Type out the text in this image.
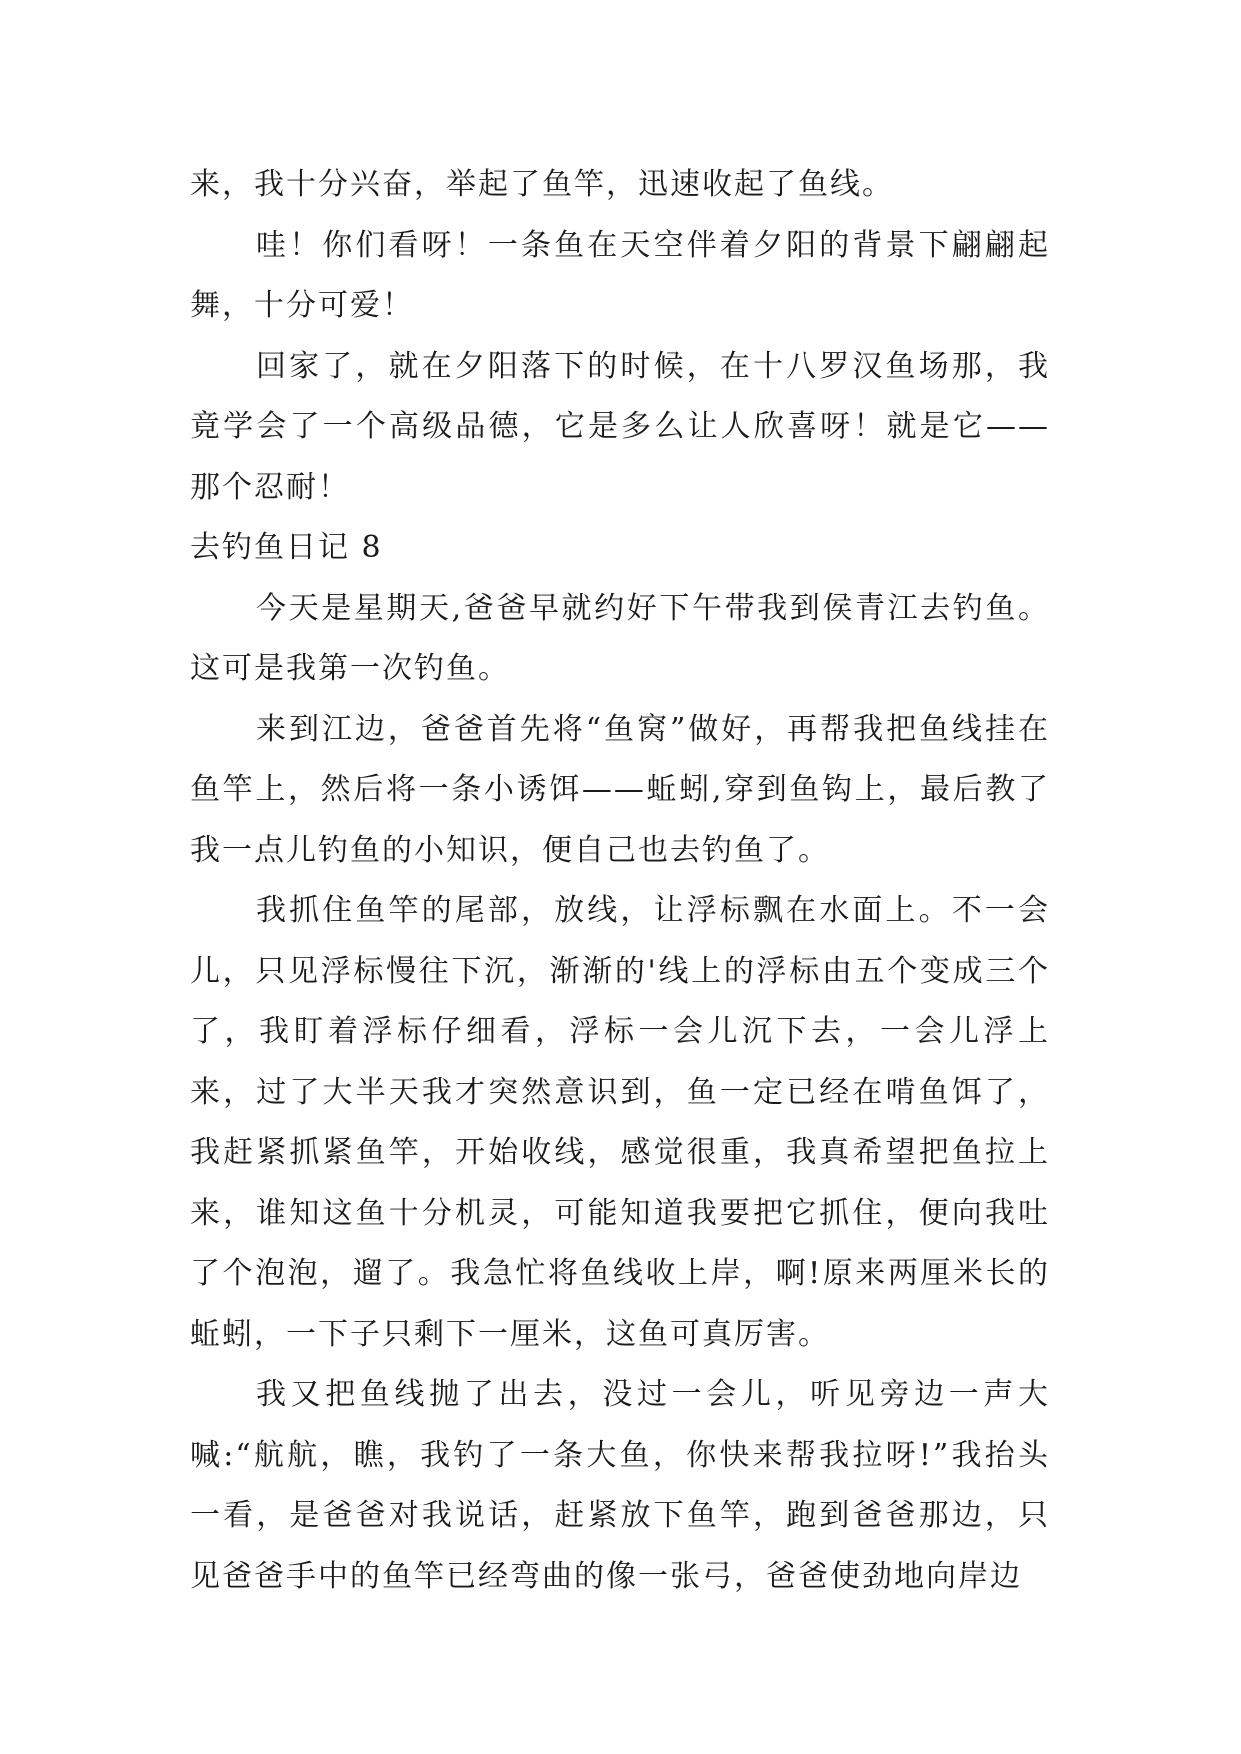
来，我十分兴奋，举起了鱼竿，迅速收起了鱼线。

哇！你们看呀！一条鱼在天空伴着夕阳的背景下翩翩起舞，十分可爱！

回家了，就在夕阳落下的时候，在十八罗汉鱼场那，我竟学会了一个高级品德，它是多么让人欣喜呀！就是它——那个忍耐！

去钓鱼日记 8

今天是星期天,爸爸早就约好下午带我到侯青江去钓鱼。这可是我第一次钓鱼。

来到江边，爸爸首先将“鱼窝”做好，再帮我把鱼线挂在鱼竿上，然后将一条小诱饵——蚯蚓,穿到鱼钩上，最后教了我一点儿钓鱼的小知识，便自己也去钓鱼了。

我抓住鱼竿的尾部，放线，让浮标飘在水面上。不一会儿，只见浮标慢往下沉，渐渐的'线上的浮标由五个变成三个了，我盯着浮标仔细看，浮标一会儿沉下去，一会儿浮上来，过了大半天我才突然意识到，鱼一定已经在啃鱼饵了，我赶紧抓紧鱼竿，开始收线，感觉很重，我真希望把鱼拉上来，谁知这鱼十分机灵，可能知道我要把它抓住，便向我吐了个泡泡，遛了。我急忙将鱼线收上岸，啊!原来两厘米长的蚯蚓，一下子只剩下一厘米，这鱼可真厉害。

我又把鱼线抛了出去，没过一会儿，听见旁边一声大喊:“航航，瞧，我钓了一条大鱼，你快来帮我拉呀!”我抬头一看，是爸爸对我说话，赶紧放下鱼竿，跑到爸爸那边，只见爸爸手中的鱼竿已经弯曲的像一张弓，爸爸使劲地向岸边
